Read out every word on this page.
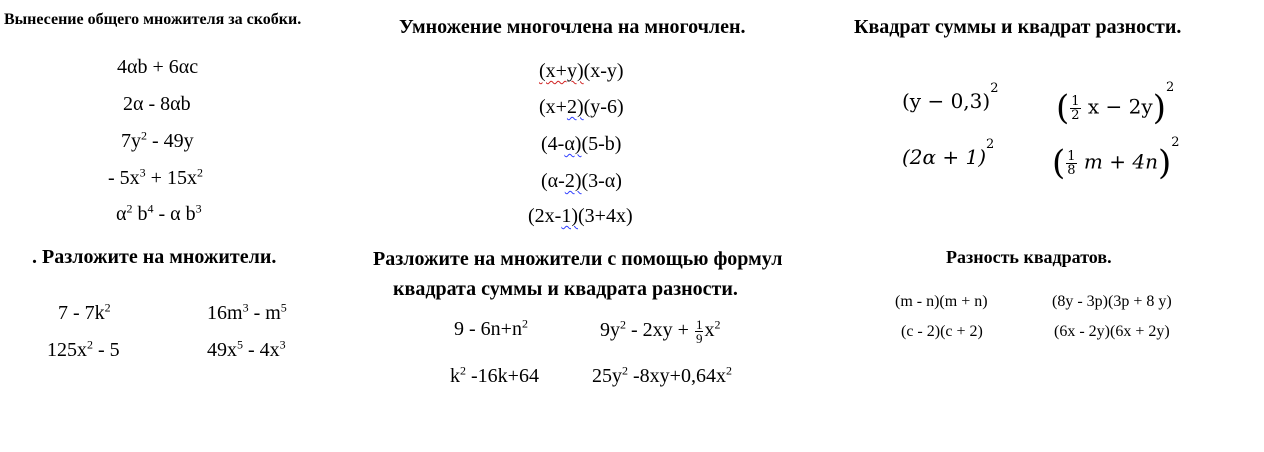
Вынесение общего множителя за скобки.
4αb + 6αc
2α - 8αb
$7y^2 - 49y$
- $5x^3 + 15x^2$
$\alpha^2$ $b^4$ - α $b^3$
Умножение многочлена на многочлен.
(x+y)(x-y)
(x+2)(y-6)
(4-α)(5-b)
(α-2)(3-α)
(2x-1)(3+4x)
Квадрат суммы и квадрат разности.
$(y - 0,3)^2$ ( $\frac{1}{2}$ x − 2y)$^2$
$(2\alpha + 1)^2$ ( $\frac{1}{8}$ m + 4n)$^2$
. Разложите на множители.
$7 - 7k^2$	$16m^3 - m^5$
$125x^2 - 5$	$49x^5 - 4x^3$
Разложите на множители с помощью формул
квадрата суммы и квадрата разности.
$9 - 6n+n^2$	$9y^2 - 2xy + \frac{1}{9} x^2$
$k^2$ -16k+64	$25y^2$ $-8xy+0,64x^2$
Разность квадратов.
(m - n)(m + n)	(8y - 3p)(3p + 8 y)
(c - 2)(c + 2)	(6x - 2y)(6x + 2y)
